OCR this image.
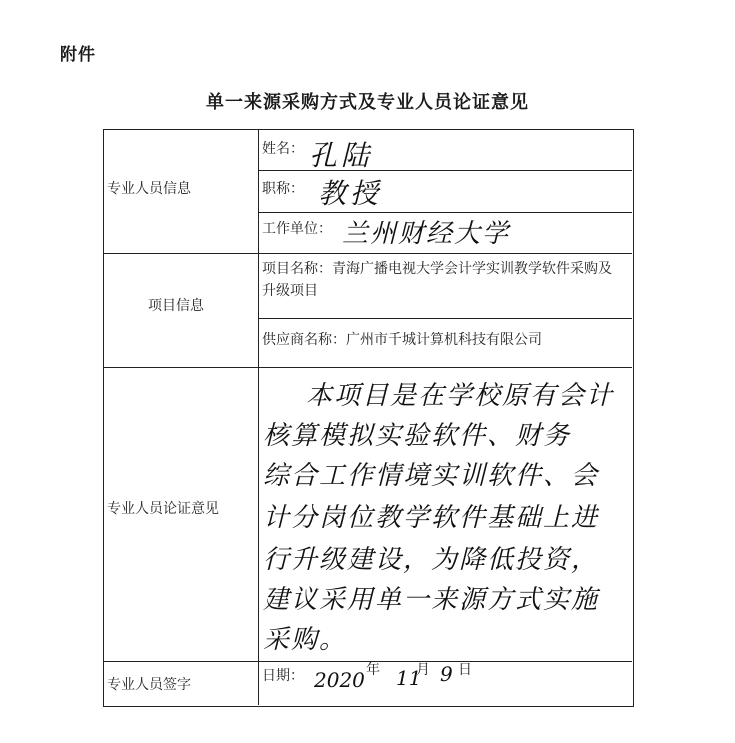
附件
单一来源采购方式及专业人员论证意见
专业人员信息
项目信息
专业人员论证意见
专业人员签字
姓名： 孔陆
职称： 教授
工作单位： 兰州财经大学
项目名称：青海广播电视大学会计学实训教学软件采购及升级项目
供应商名称：广州市千城计算机科技有限公司
本项目是在学校原有会计
核算模拟实验软件、财务
综合工作情境实训软件、会
计分岗位教学软件基础上进
行升级建设，为降低投资，
建议采用单一来源方式实施
采购。
日期： 2020 年 11
月 9 日
